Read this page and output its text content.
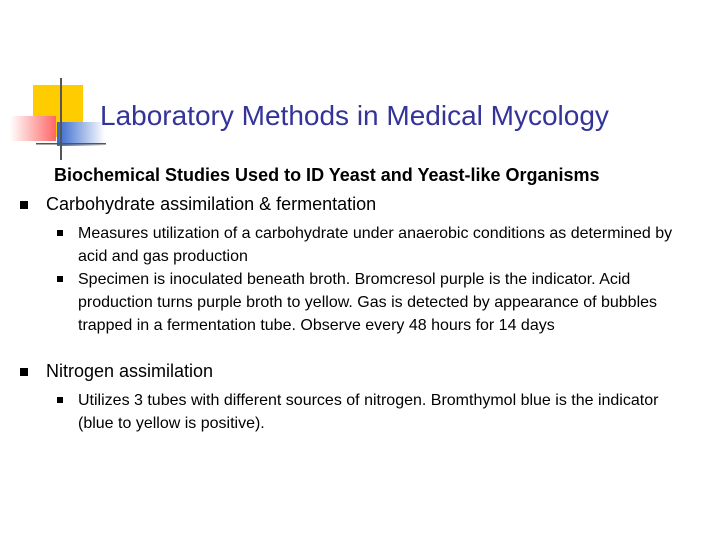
Laboratory Methods in Medical Mycology
Biochemical Studies Used to ID Yeast and Yeast-like Organisms
Carbohydrate assimilation & fermentation
Measures utilization of a carbohydrate under anaerobic conditions as determined by acid and gas production
Specimen is inoculated beneath broth. Bromcresol purple is the indicator. Acid production turns purple broth to yellow. Gas is detected by appearance of bubbles trapped in a fermentation tube. Observe every 48 hours for 14 days
Nitrogen assimilation
Utilizes 3 tubes with different sources of nitrogen. Bromthymol blue is the indicator (blue to yellow is positive).
